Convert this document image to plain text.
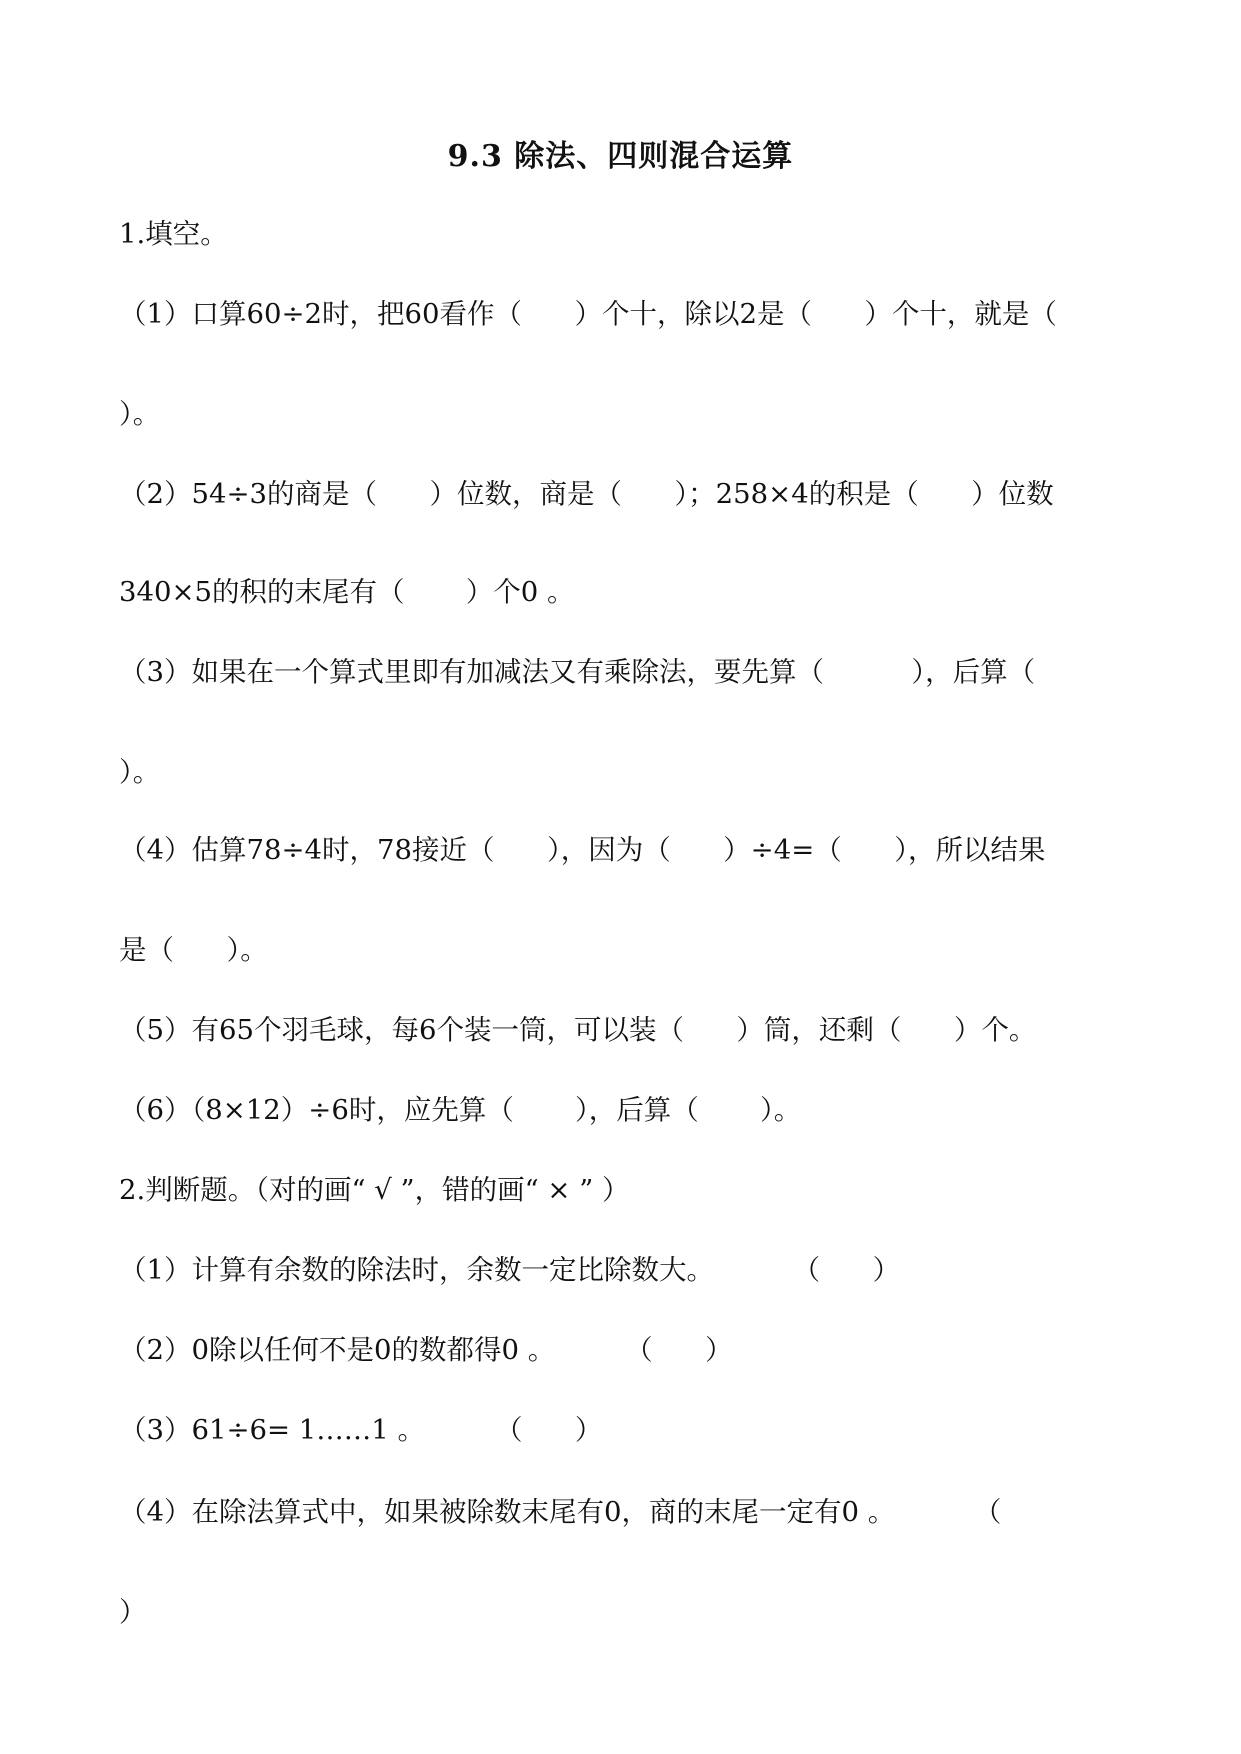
9.3 除法、四则混合运算
1.填空。
（1）口算60÷2时，把60看作（      ）个十，除以2是（      ）个十，就是（
）。
（2）54÷3的商是（      ）位数，商是（      ）；258×4的积是（      ）位数
340×5的积的末尾有（       ）个0 。
（3）如果在一个算式里即有加减法又有乘除法，要先算（          ），后算（
）。
（4）估算78÷4时，78接近（      ），因为（      ）÷4=（      ），所以结果
是（      ）。
（5）有65个羽毛球，每6个装一筒，可以装（      ）筒，还剩（      ）个。
（6）（8×12）÷6时，应先算（       ），后算（       ）。
2.判断题。（对的画“ √ ”，错的画“ × ” ）
（1）计算有余数的除法时，余数一定比除数大。         （      ）
（2）0除以任何不是0的数都得0 。        （      ）
（3）61÷6= 1……1 。        （      ）
（4）在除法算式中，如果被除数末尾有0，商的末尾一定有0 。         （
）
